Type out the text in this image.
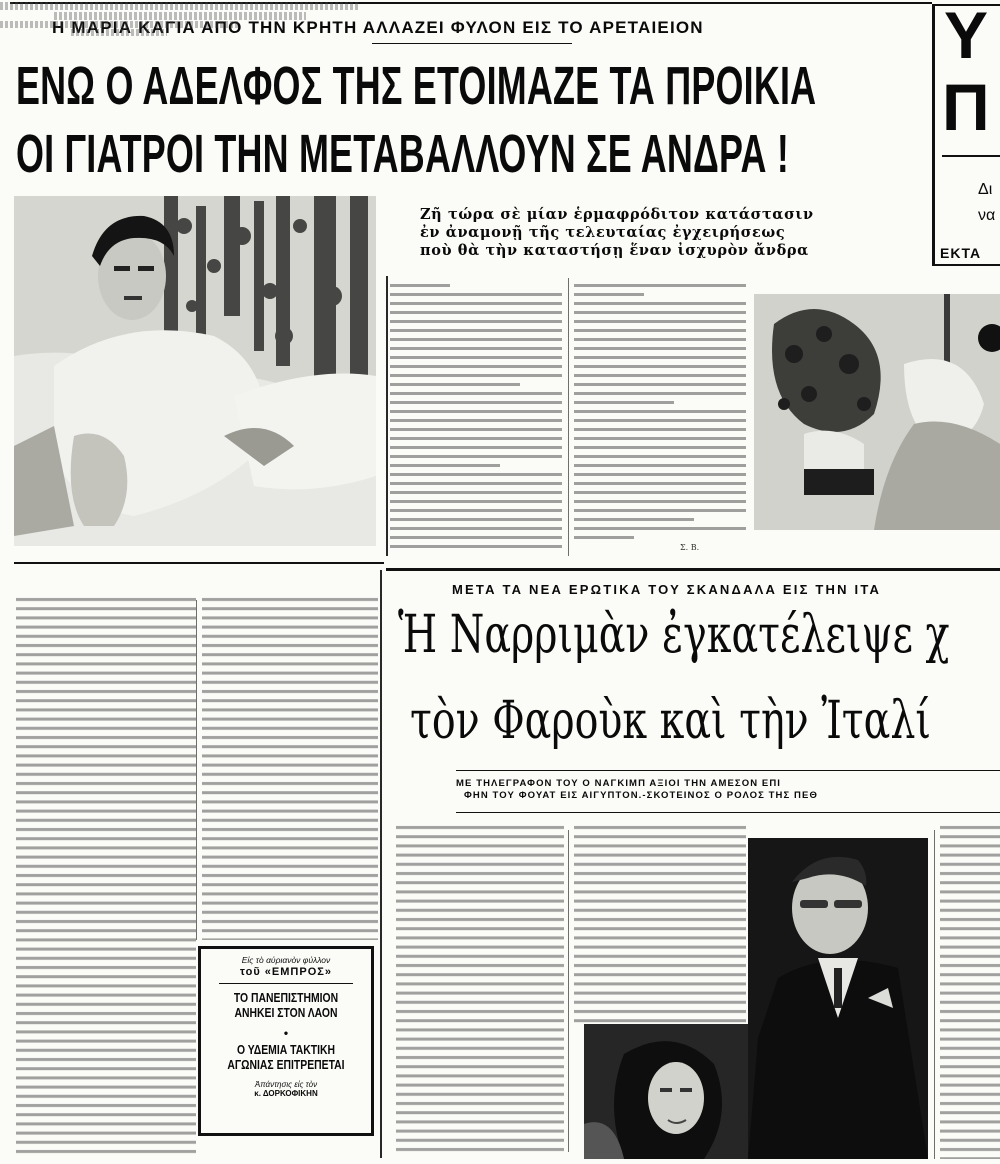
Υ
Π
Δι
να
ΕΚΤΑ
Η ΜΑΡΙΑ ΚΑΓΙΑ ΑΠΟ ΤΗΝ ΚΡΗΤΗ ΑΛΛΑΖΕΙ ΦΥΛΟΝ ΕΙΣ ΤΟ ΑΡΕΤΑΙΕΙΟΝ
ΕΝΩ Ο ΑΔΕΛΦΟΣ ΤΗΣ ΕΤΟΙΜΑΖΕ ΤΑ ΠΡΟΙΚΙΑ
ΟΙ ΓΙΑΤΡΟΙ ΤΗΝ ΜΕΤΑΒΑΛΛΟΥΝ ΣΕ ΑΝΔΡΑ !
Ζῆ τώρα σὲ μίαν ἑρμαφρόδιτον κατάστασιν
ἐν ἀναμονῇ τῆς τελευταίας ἐγχειρήσεως
ποὺ θὰ τὴν καταστήσῃ ἕναν ἰσχυρὸν ἄνδρα
Σ. Β.
Εἰς τὸ αὐριανὸν φύλλον
τοῦ «ΕΜΠΡΟΣ»
ΤΟ ΠΑΝΕΠΙΣΤΗΜΙΟΝ
ΑΝΗΚΕΙ ΣΤΟΝ ΛΑΟΝ
•
Ο ΥΔΕΜΙΑ ΤΑΚΤΙΚΗ
ΑΓΩΝΙΑΣ ΕΠΙΤΡΕΠΕΤΑΙ
Ἀπάντησις εἰς τὸν
κ. ΔΟΡΚΟΦΙΚΗΝ
ΜΕΤΑ ΤΑ ΝΕΑ ΕΡΩΤΙΚΑ ΤΟΥ ΣΚΑΝΔΑΛΑ ΕΙΣ ΤΗΝ ΙΤΑ
Ἡ Ναρριμὰν ἐγκατέλειψε χ
τὸν Φαροὺκ καὶ τὴν Ἰταλί
ΜΕ ΤΗΛΕΓΡΑΦΟΝ ΤΟΥ Ο ΝΑΓΚΙΜΠ ΑΞΙΟΙ ΤΗΝ ΑΜΕΣΟΝ ΕΠΙ
ΦΗΝ ΤΟΥ ΦΟΥΑΤ ΕΙΣ ΑΙΓΥΠΤΟΝ.-ΣΚΟΤΕΙΝΟΣ Ο ΡΟΛΟΣ ΤΗΣ ΠΕΘ
